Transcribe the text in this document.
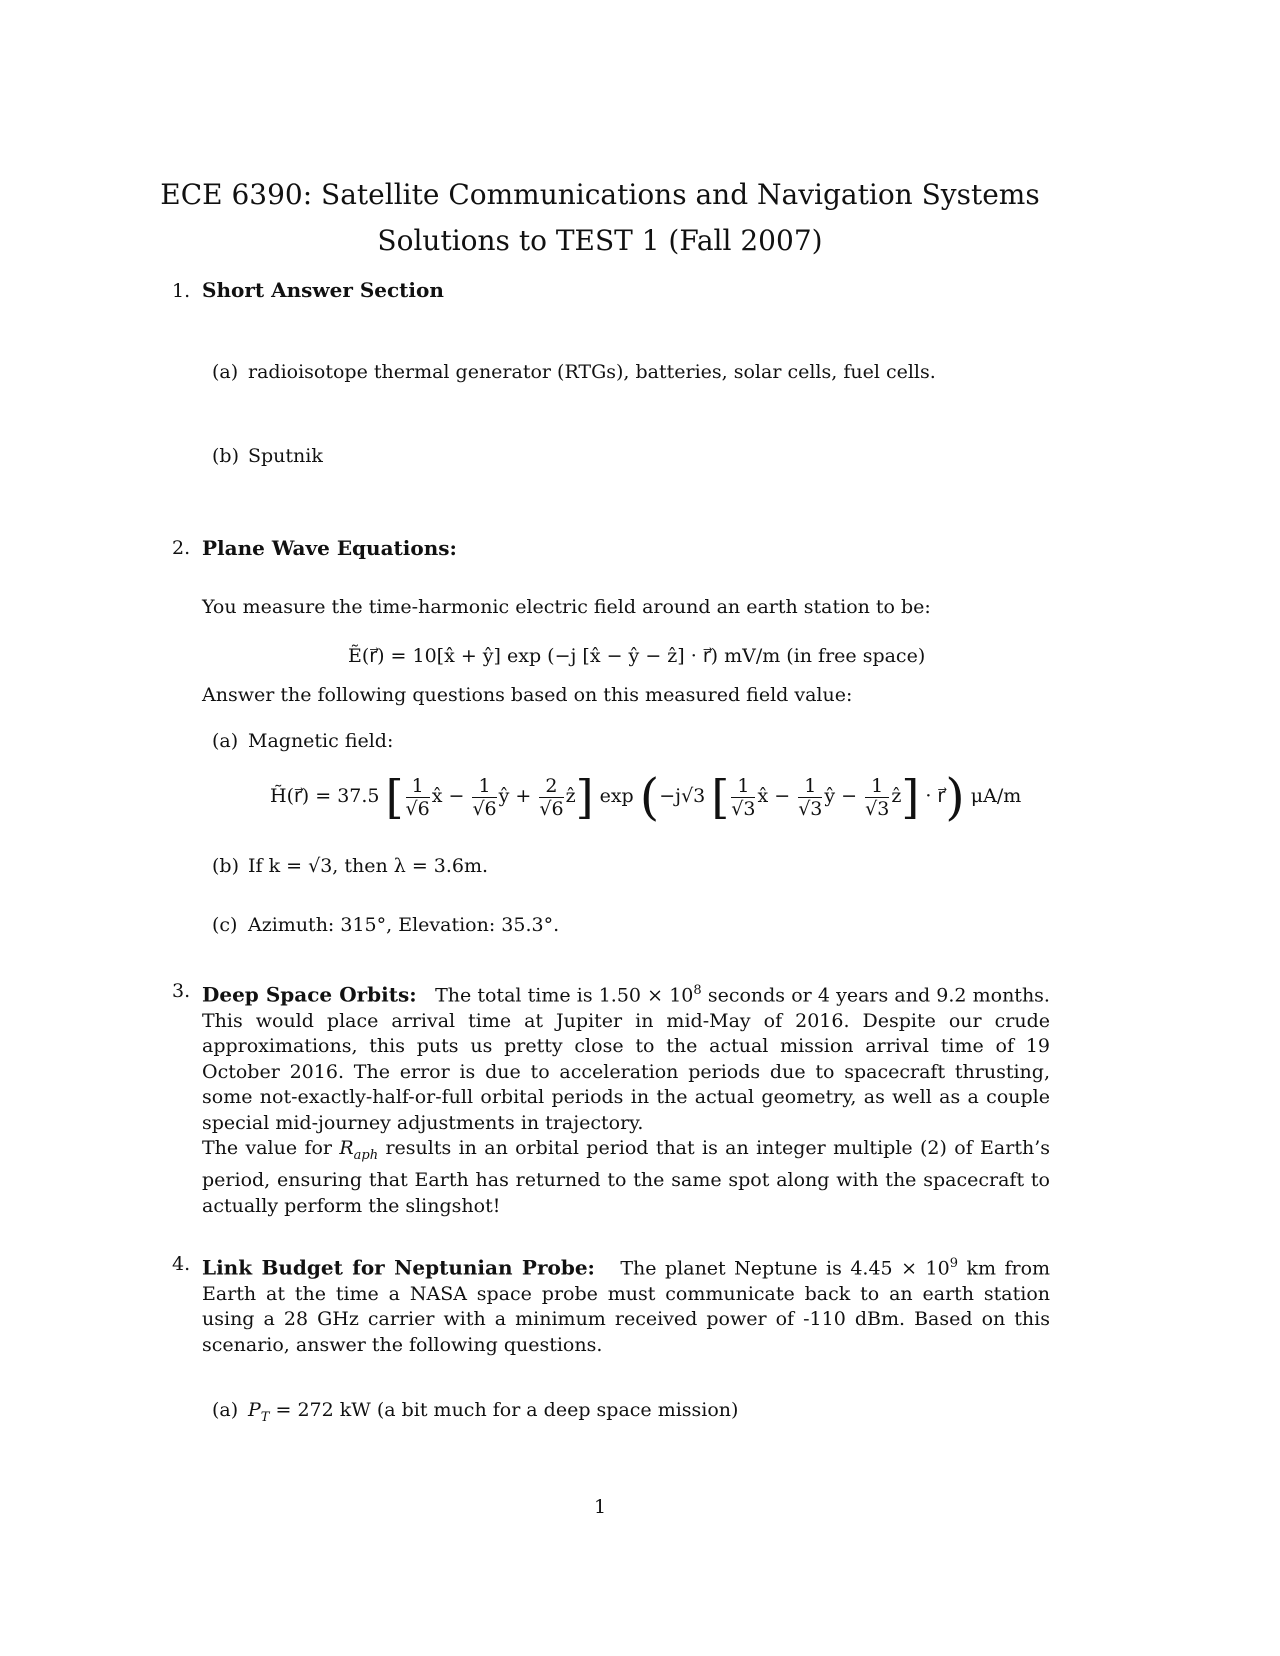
ECE 6390: Satellite Communications and Navigation Systems
Solutions to TEST 1 (Fall 2007)
1. Short Answer Section
(a) radioisotope thermal generator (RTGs), batteries, solar cells, fuel cells.
(b) Sputnik
2. Plane Wave Equations:
You measure the time-harmonic electric field around an earth station to be:
Ẽ(r⃗) = 10[x̂ + ŷ] exp (−j [x̂ − ŷ − ẑ] · r⃗) mV/m (in free space)
Answer the following questions based on this measured field value:
(a) Magnetic field:
H̃(r⃗) = 37.5 [ $\frac{1}{√6}$ x̂ − $\frac{1}{√6}$ ŷ + $\frac{2}{√6}$ ẑ] exp (−j√3 [ $\frac{1}{√3}$ x̂ − $\frac{1}{√3}$ ŷ − $\frac{1}{√3}$ ẑ] · r⃗) μA/m
(b) If k = √3, then λ = 3.6m.
(c) Azimuth: 315°, Elevation: 35.3°.
3. Deep Space Orbits: The total time is $1.50 \times 10^8$ seconds or 4 years and 9.2 months. This would place arrival time at Jupiter in mid-May of 2016. Despite our crude approximations, this puts us pretty close to the actual mission arrival time of 19 October 2016. The error is due to acceleration periods due to spacecraft thrusting, some not-exactly-half-or-full orbital periods in the actual geometry, as well as a couple special mid-journey adjustments in trajectory.
The value for $R_{aph}$ results in an orbital period that is an integer multiple (2) of Earth’s period, ensuring that Earth has returned to the same spot along with the spacecraft to actually perform the slingshot!
4. Link Budget for Neptunian Probe: The planet Neptune is $4.45 \times 10^9$ km from Earth at the time a NASA space probe must communicate back to an earth station using a 28 GHz carrier with a minimum received power of -110 dBm. Based on this scenario, answer the following questions.
(a) $P_T = 272$ kW (a bit much for a deep space mission)
1
